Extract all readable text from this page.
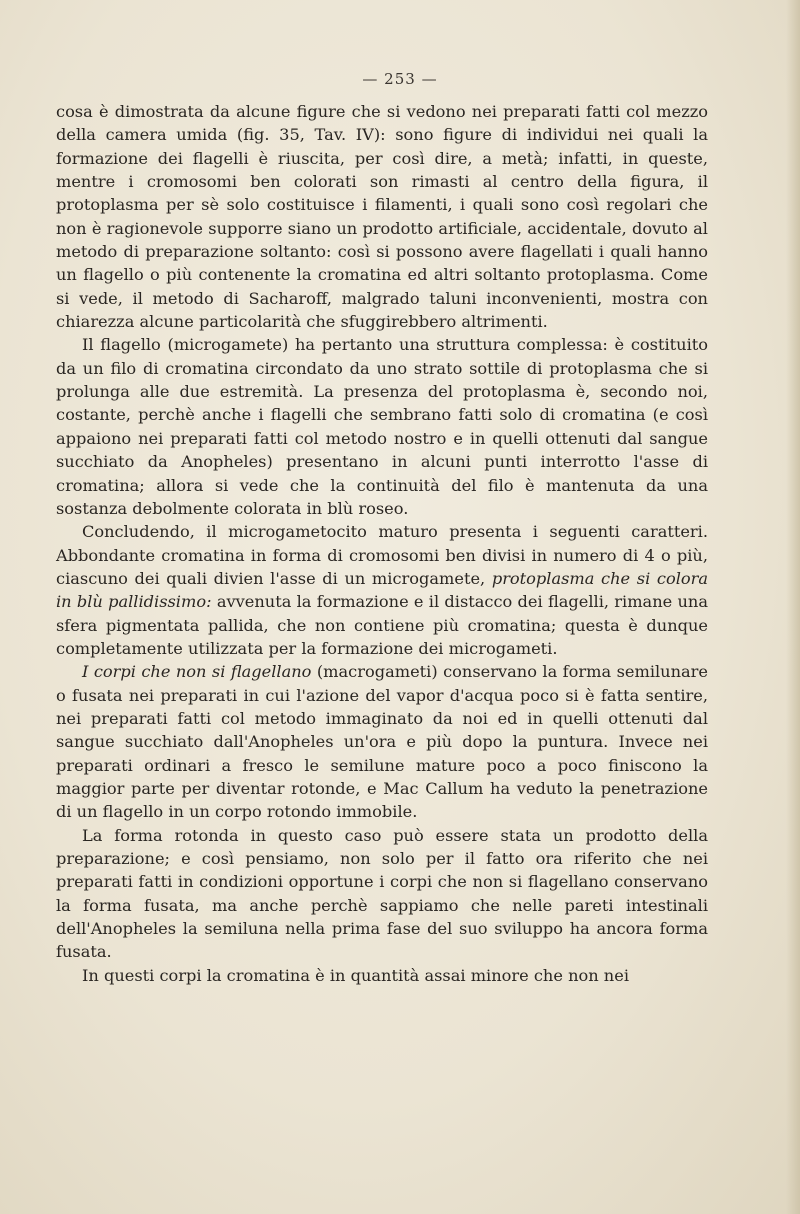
— 253 —

cosa è dimostrata da alcune figure che si vedono nei preparati fatti col mezzo della camera umida (fig. 35, Tav. IV): sono figure di individui nei quali la formazione dei flagelli è riuscita, per così dire, a metà; infatti, in queste, mentre i cromosomi ben colorati son rimasti al centro della figura, il protoplasma per sè solo costituisce i filamenti, i quali sono così regolari che non è ragionevole supporre siano un prodotto artificiale, accidentale, dovuto al metodo di preparazione soltanto: così si possono avere flagellati i quali hanno un flagello o più contenente la cromatina ed altri soltanto protoplasma. Come si vede, il metodo di Sacharoff, malgrado taluni inconvenienti, mostra con chiarezza alcune particolarità che sfuggirebbero altrimenti.

Il flagello (microgamete) ha pertanto una struttura complessa: è costituito da un filo di cromatina circondato da uno strato sottile di protoplasma che si prolunga alle due estremità. La presenza del protoplasma è, secondo noi, costante, perchè anche i flagelli che sembrano fatti solo di cromatina (e così appaiono nei preparati fatti col metodo nostro e in quelli ottenuti dal sangue succhiato da Anopheles) presentano in alcuni punti interrotto l'asse di cromatina; allora si vede che la continuità del filo è mantenuta da una sostanza debolmente colorata in blù roseo.

Concludendo, il microgametocito maturo presenta i seguenti caratteri. Abbondante cromatina in forma di cromosomi ben divisi in numero di 4 o più, ciascuno dei quali divien l'asse di un microgamete, protoplasma che si colora in blù pallidissimo: avvenuta la formazione e il distacco dei flagelli, rimane una sfera pigmentata pallida, che non contiene più cromatina; questa è dunque completamente utilizzata per la formazione dei microgameti.

I corpi che non si flagellano (macrogameti) conservano la forma semilunare o fusata nei preparati in cui l'azione del vapor d'acqua poco si è fatta sentire, nei preparati fatti col metodo immaginato da noi ed in quelli ottenuti dal sangue succhiato dall'Anopheles un'ora e più dopo la puntura. Invece nei preparati ordinari a fresco le semilune mature poco a poco finiscono la maggior parte per diventar rotonde, e Mac Callum ha veduto la penetrazione di un flagello in un corpo rotondo immobile.

La forma rotonda in questo caso può essere stata un prodotto della preparazione; e così pensiamo, non solo per il fatto ora riferito che nei preparati fatti in condizioni opportune i corpi che non si flagellano conservano la forma fusata, ma anche perchè sappiamo che nelle pareti intestinali dell'Anopheles la semiluna nella prima fase del suo sviluppo ha ancora forma fusata.

In questi corpi la cromatina è in quantità assai minore che non nei
